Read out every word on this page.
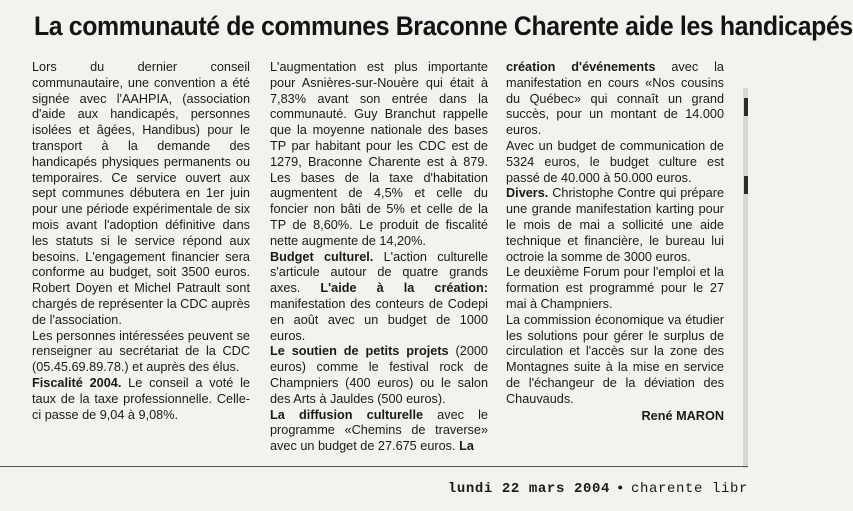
La communauté de communes Braconne Charente aide les handicapés

Lors du dernier conseil communautaire, une convention a été signée avec l'AAHPIA, (association d'aide aux handicapés, personnes isolées et âgées, Handibus) pour le transport à la demande des handicapés physiques permanents ou temporaires. Ce service ouvert aux sept communes débutera en 1er juin pour une période expérimentale de six mois avant l'adoption définitive dans les statuts si le service répond aux besoins. L'engagement financier sera conforme au budget, soit 3500 euros. Robert Doyen et Michel Patrault sont chargés de représenter la CDC auprès de l'association.

Les personnes intéressées peuvent se renseigner au secrétariat de la CDC (05.45.69.89.78.) et auprès des élus.

Fiscalité 2004. Le conseil a voté le taux de la taxe professionnelle. Celle-ci passe de 9,04 à 9,08%.

L'augmentation est plus importante pour Asnières-sur-Nouère qui était à 7,83% avant son entrée dans la communauté. Guy Branchut rappelle que la moyenne nationale des bases TP par habitant pour les CDC est de 1279, Braconne Charente est à 879. Les bases de la taxe d'habitation augmentent de 4,5% et celle du foncier non bâti de 5% et celle de la TP de 8,60%. Le produit de fiscalité nette augmente de 14,20%.

Budget culturel. L'action culturelle s'articule autour de quatre grands axes. L'aide à la création: manifestation des conteurs de Codepi en août avec un budget de 1000 euros.

Le soutien de petits projets (2000 euros) comme le festival rock de Champniers (400 euros) ou le salon des Arts à Jauldes (500 euros).

La diffusion culturelle avec le programme «Chemins de traverse» avec un budget de 27.675 euros. La

création d'événements avec la manifestation en cours «Nos cousins du Québec» qui connaît un grand succès, pour un montant de 14.000 euros.

Avec un budget de communication de 5324 euros, le budget culture est passé de 40.000 à 50.000 euros.

Divers. Christophe Contre qui prépare une grande manifestation karting pour le mois de mai a sollicité une aide technique et financière, le bureau lui octroie la somme de 3000 euros.

Le deuxième Forum pour l'emploi et la formation est programmé pour le 27 mai à Champniers.

La commission économique va étudier les solutions pour gérer le surplus de circulation et l'accès sur la zone des Montagnes suite à la mise en service de l'échangeur de la déviation des Chauvauds.

René MARON
lundi 22 mars 2004 • charente libr
